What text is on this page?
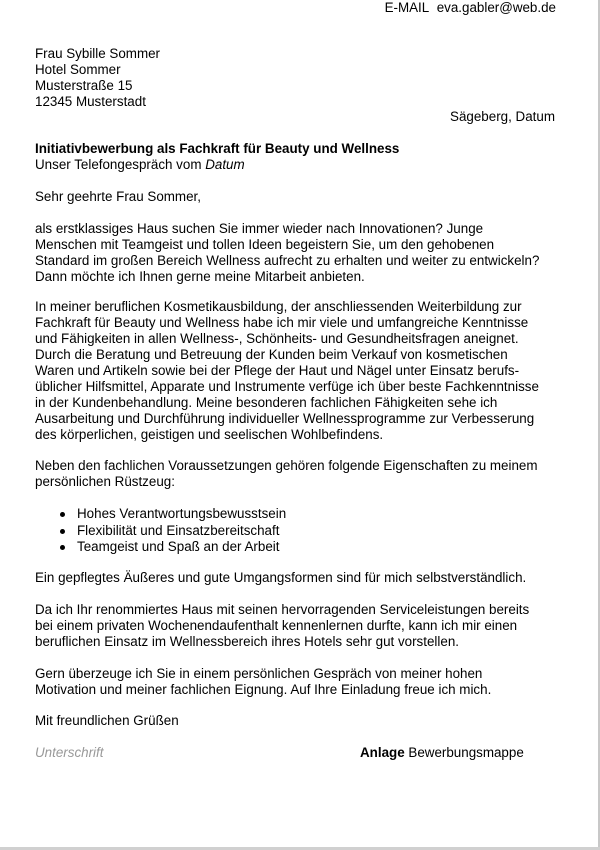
E-MAIL eva.gabler@web.de
Frau Sybille Sommer
Hotel Sommer
Musterstraße 15
12345 Musterstadt
Sägeberg, Datum
Initiativbewerbung als Fachkraft für Beauty und Wellness
Unser Telefongespräch vom Datum
Sehr geehrte Frau Sommer,
als erstklassiges Haus suchen Sie immer wieder nach Innovationen? Junge
Menschen mit Teamgeist und tollen Ideen begeistern Sie, um den gehobenen
Standard im großen Bereich Wellness aufrecht zu erhalten und weiter zu entwickeln?
Dann möchte ich Ihnen gerne meine Mitarbeit anbieten.
In meiner beruflichen Kosmetikausbildung, der anschliessenden Weiterbildung zur
Fachkraft für Beauty und Wellness habe ich mir viele und umfangreiche Kenntnisse
und Fähigkeiten in allen Wellness-, Schönheits- und Gesundheitsfragen aneignet.
Durch die Beratung und Betreuung der Kunden beim Verkauf von kosmetischen
Waren und Artikeln sowie bei der Pflege der Haut und Nägel unter Einsatz berufs-
üblicher Hilfsmittel, Apparate und Instrumente verfüge ich über beste Fachkenntnisse
in der Kundenbehandlung. Meine besonderen fachlichen Fähigkeiten sehe ich
Ausarbeitung und Durchführung individueller Wellnessprogramme zur Verbesserung
des körperlichen, geistigen und seelischen Wohlbefindens.
Neben den fachlichen Voraussetzungen gehören folgende Eigenschaften zu meinem
persönlichen Rüstzeug:
Hohes Verantwortungsbewusstsein
Flexibilität und Einsatzbereitschaft
Teamgeist und Spaß an der Arbeit
Ein gepflegtes Äußeres und gute Umgangsformen sind für mich selbstverständlich.
Da ich Ihr renommiertes Haus mit seinen hervorragenden Serviceleistungen bereits
bei einem privaten Wochenendaufenthalt kennenlernen durfte, kann ich mir einen
beruflichen Einsatz im Wellnessbereich ihres Hotels sehr gut vorstellen.
Gern überzeuge ich Sie in einem persönlichen Gespräch von meiner hohen
Motivation und meiner fachlichen Eignung. Auf Ihre Einladung freue ich mich.
Mit freundlichen Grüßen
Unterschrift	Anlage Bewerbungsmappe
